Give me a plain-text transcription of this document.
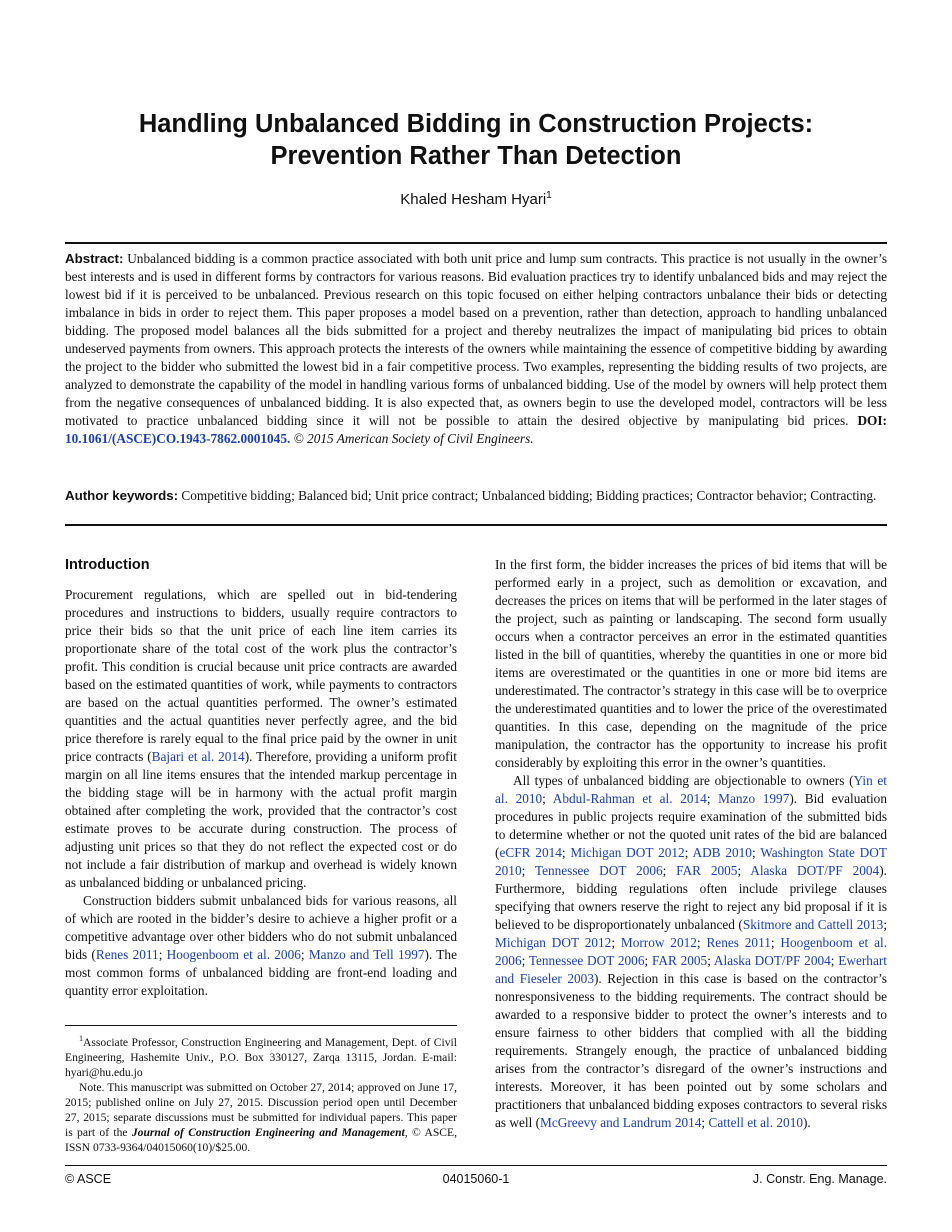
Handling Unbalanced Bidding in Construction Projects:
Prevention Rather Than Detection
Khaled Hesham Hyari$^1$
Abstract: Unbalanced bidding is a common practice associated with both unit price and lump sum contracts. This practice is not usually in the owner’s best interests and is used in different forms by contractors for various reasons. Bid evaluation practices try to identify unbalanced bids and may reject the lowest bid if it is perceived to be unbalanced. Previous research on this topic focused on either helping contractors unbalance their bids or detecting imbalance in bids in order to reject them. This paper proposes a model based on a prevention, rather than detection, approach to handling unbalanced bidding. The proposed model balances all the bids submitted for a project and thereby neutralizes the impact of manipulating bid prices to obtain undeserved payments from owners. This approach protects the interests of the owners while maintaining the essence of competitive bidding by awarding the project to the bidder who submitted the lowest bid in a fair competitive process. Two examples, representing the bidding results of two projects, are analyzed to demonstrate the capability of the model in handling various forms of unbalanced bidding. Use of the model by owners will help protect them from the negative consequences of unbalanced bidding. It is also expected that, as owners begin to use the developed model, contractors will be less motivated to practice unbalanced bidding since it will not be possible to attain the desired objective by manipulating bid prices. DOI: 10.1061/(ASCE)CO.1943-7862.0001045. © 2015 American Society of Civil Engineers.
Author keywords: Competitive bidding; Balanced bid; Unit price contract; Unbalanced bidding; Bidding practices; Contractor behavior; Contracting.
Introduction

Procurement regulations, which are spelled out in bid-tendering procedures and instructions to bidders, usually require contractors to price their bids so that the unit price of each line item carries its proportionate share of the total cost of the work plus the contractor’s profit. This condition is crucial because unit price contracts are awarded based on the estimated quantities of work, while payments to contractors are based on the actual quantities performed. The owner’s estimated quantities and the actual quantities never perfectly agree, and the bid price therefore is rarely equal to the final price paid by the owner in unit price contracts (Bajari et al. 2014). Therefore, providing a uniform profit margin on all line items ensures that the intended markup percentage in the bidding stage will be in harmony with the actual profit margin obtained after completing the work, provided that the contractor’s cost estimate proves to be accurate during construction. The process of adjusting unit prices so that they do not reflect the expected cost or do not include a fair distribution of markup and overhead is widely known as unbalanced bidding or unbalanced pricing.

Construction bidders submit unbalanced bids for various reasons, all of which are rooted in the bidder’s desire to achieve a higher profit or a competitive advantage over other bidders who do not submit unbalanced bids (Renes 2011; Hoogenboom et al. 2006; Manzo and Tell 1997). The most common forms of unbalanced bidding are front-end loading and quantity error exploitation.

$^1$Associate Professor, Construction Engineering and Management, Dept. of Civil Engineering, Hashemite Univ., P.O. Box 330127, Zarqa 13115, Jordan. E-mail: hyari@hu.edu.jo

Note. This manuscript was submitted on October 27, 2014; approved on June 17, 2015; published online on July 27, 2015. Discussion period open until December 27, 2015; separate discussions must be submitted for individual papers. This paper is part of the Journal of Construction Engineering and Management, © ASCE, ISSN 0733-9364/04015060(10)/$25.00.

In the first form, the bidder increases the prices of bid items that will be performed early in a project, such as demolition or excavation, and decreases the prices on items that will be performed in the later stages of the project, such as painting or landscaping. The second form usually occurs when a contractor perceives an error in the estimated quantities listed in the bill of quantities, whereby the quantities in one or more bid items are overestimated or the quantities in one or more bid items are underestimated. The contractor’s strategy in this case will be to overprice the underestimated quantities and to lower the price of the overestimated quantities. In this case, depending on the magnitude of the price manipulation, the contractor has the opportunity to increase his profit considerably by exploiting this error in the owner’s quantities.

All types of unbalanced bidding are objectionable to owners (Yin et al. 2010; Abdul-Rahman et al. 2014; Manzo 1997). Bid evaluation procedures in public projects require examination of the submitted bids to determine whether or not the quoted unit rates of the bid are balanced (eCFR 2014; Michigan DOT 2012; ADB 2010; Washington State DOT 2010; Tennessee DOT 2006; FAR 2005; Alaska DOT/PF 2004). Furthermore, bidding regulations often include privilege clauses specifying that owners reserve the right to reject any bid proposal if it is believed to be disproportionately unbalanced (Skitmore and Cattell 2013; Michigan DOT 2012; Morrow 2012; Renes 2011; Hoogenboom et al. 2006; Tennessee DOT 2006; FAR 2005; Alaska DOT/PF 2004; Ewerhart and Fieseler 2003). Rejection in this case is based on the contractor’s nonresponsiveness to the bidding requirements. The contract should be awarded to a responsive bidder to protect the owner’s interests and to ensure fairness to other bidders that complied with all the bidding requirements. Strangely enough, the practice of unbalanced bidding arises from the contractor’s disregard of the owner’s instructions and interests. Moreover, it has been pointed out by some scholars and practitioners that unbalanced bidding exposes contractors to several risks as well (McGreevy and Landrum 2014; Cattell et al. 2010).

© ASCE	04015060-1	J. Constr. Eng. Manage.
